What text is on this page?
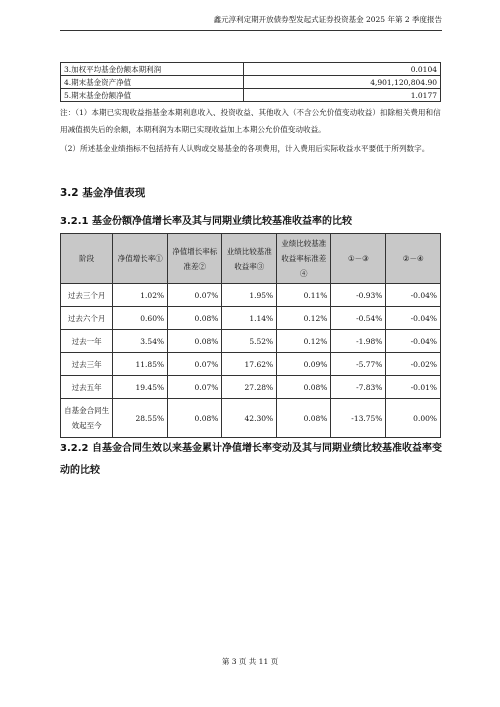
鑫元淳利定期开放债券型发起式证券投资基金 2025 年第 2 季度报告
3.加权平均基金份额本期利润	0.0104
4.期末基金资产净值	4,901,120,804.90
5.期末基金份额净值	1.0177
注：（1）本期已实现收益指基金本期利息收入、投资收益、其他收入（不含公允价值变动收益）扣除相关费用和信用减值损失后的余额，本期利润为本期已实现收益加上本期公允价值变动收益。
（2）所述基金业绩指标不包括持有人认购或交易基金的各项费用，计入费用后实际收益水平要低于所列数字。
3.2 基金净值表现
3.2.1 基金份额净值增长率及其与同期业绩比较基准收益率的比较
阶段	净值增长率①	净值增长率标准差②	业绩比较基准收益率③	业绩比较基准收益率标准差④	①－③	②－④
过去三个月	1.02%	0.07%	1.95%	0.11%	-0.93%	-0.04%
过去六个月	0.60%	0.08%	1.14%	0.12%	-0.54%	-0.04%
过去一年	3.54%	0.08%	5.52%	0.12%	-1.98%	-0.04%
过去三年	11.85%	0.07%	17.62%	0.09%	-5.77%	-0.02%
过去五年	19.45%	0.07%	27.28%	0.08%	-7.83%	-0.01%
自基金合同生效起至今	28.55%	0.08%	42.30%	0.08%	-13.75%	0.00%
3.2.2 自基金合同生效以来基金累计净值增长率变动及其与同期业绩比较基准收益率变动的比较
第 3 页 共 11 页
